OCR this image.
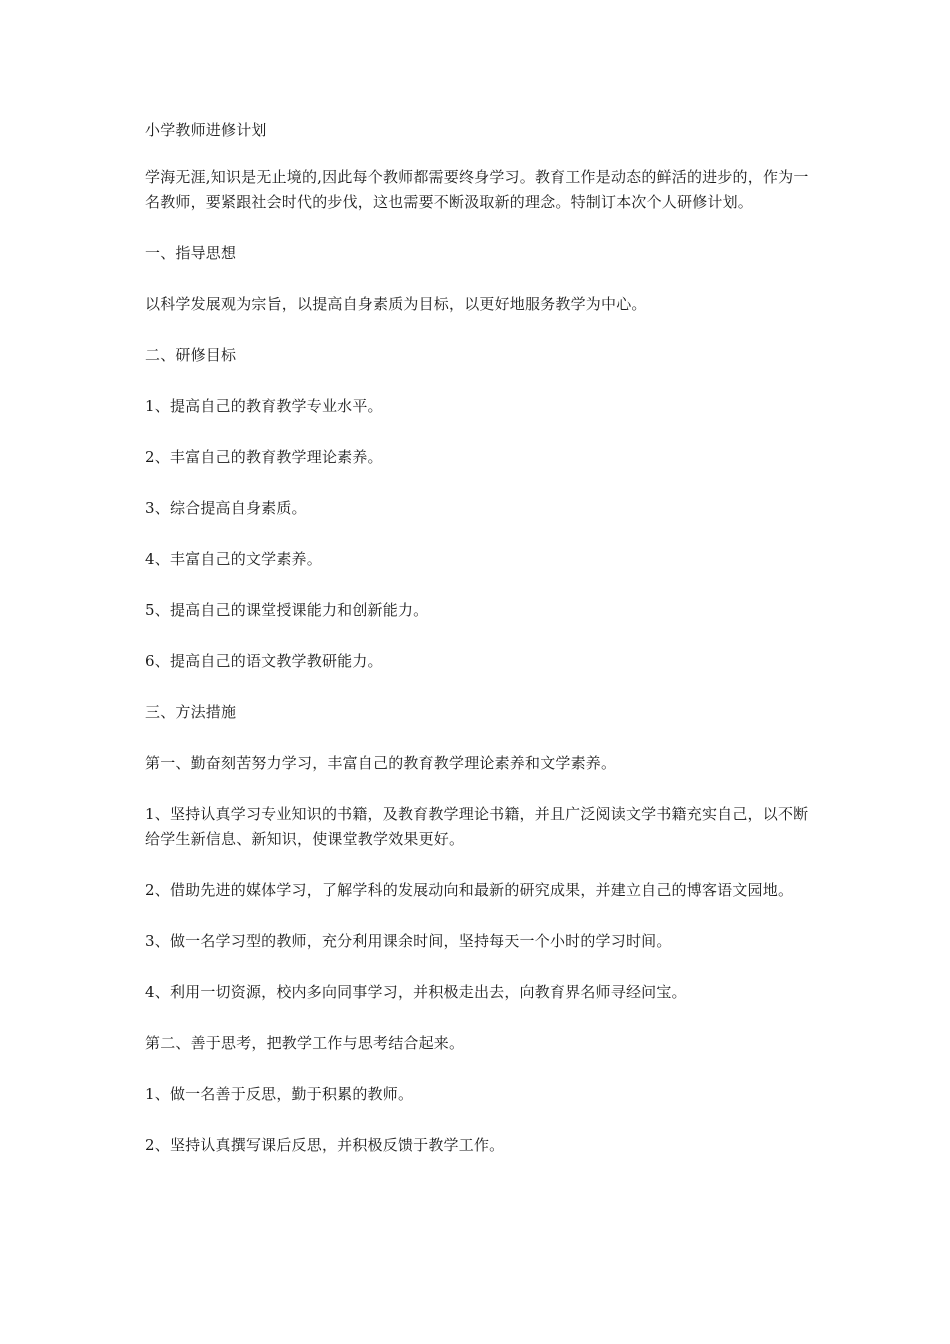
小学教师进修计划

学海无涯,知识是无止境的,因此每个教师都需要终身学习。教育工作是动态的鲜活的进步的，作为一名教师，要紧跟社会时代的步伐，这也需要不断汲取新的理念。特制订本次个人研修计划。

一、指导思想

以科学发展观为宗旨，以提高自身素质为目标，以更好地服务教学为中心。

二、研修目标

1、提高自己的教育教学专业水平。

2、丰富自己的教育教学理论素养。

3、综合提高自身素质。

4、丰富自己的文学素养。

5、提高自己的课堂授课能力和创新能力。

6、提高自己的语文教学教研能力。

三、方法措施

第一、勤奋刻苦努力学习，丰富自己的教育教学理论素养和文学素养。

1、坚持认真学习专业知识的书籍，及教育教学理论书籍，并且广泛阅读文学书籍充实自己，以不断给学生新信息、新知识，使课堂教学效果更好。

2、借助先进的媒体学习，了解学科的发展动向和最新的研究成果，并建立自己的博客语文园地。

3、做一名学习型的教师，充分利用课余时间，坚持每天一个小时的学习时间。

4、利用一切资源，校内多向同事学习，并积极走出去，向教育界名师寻经问宝。

第二、善于思考，把教学工作与思考结合起来。

1、做一名善于反思，勤于积累的教师。

2、坚持认真撰写课后反思，并积极反馈于教学工作。
